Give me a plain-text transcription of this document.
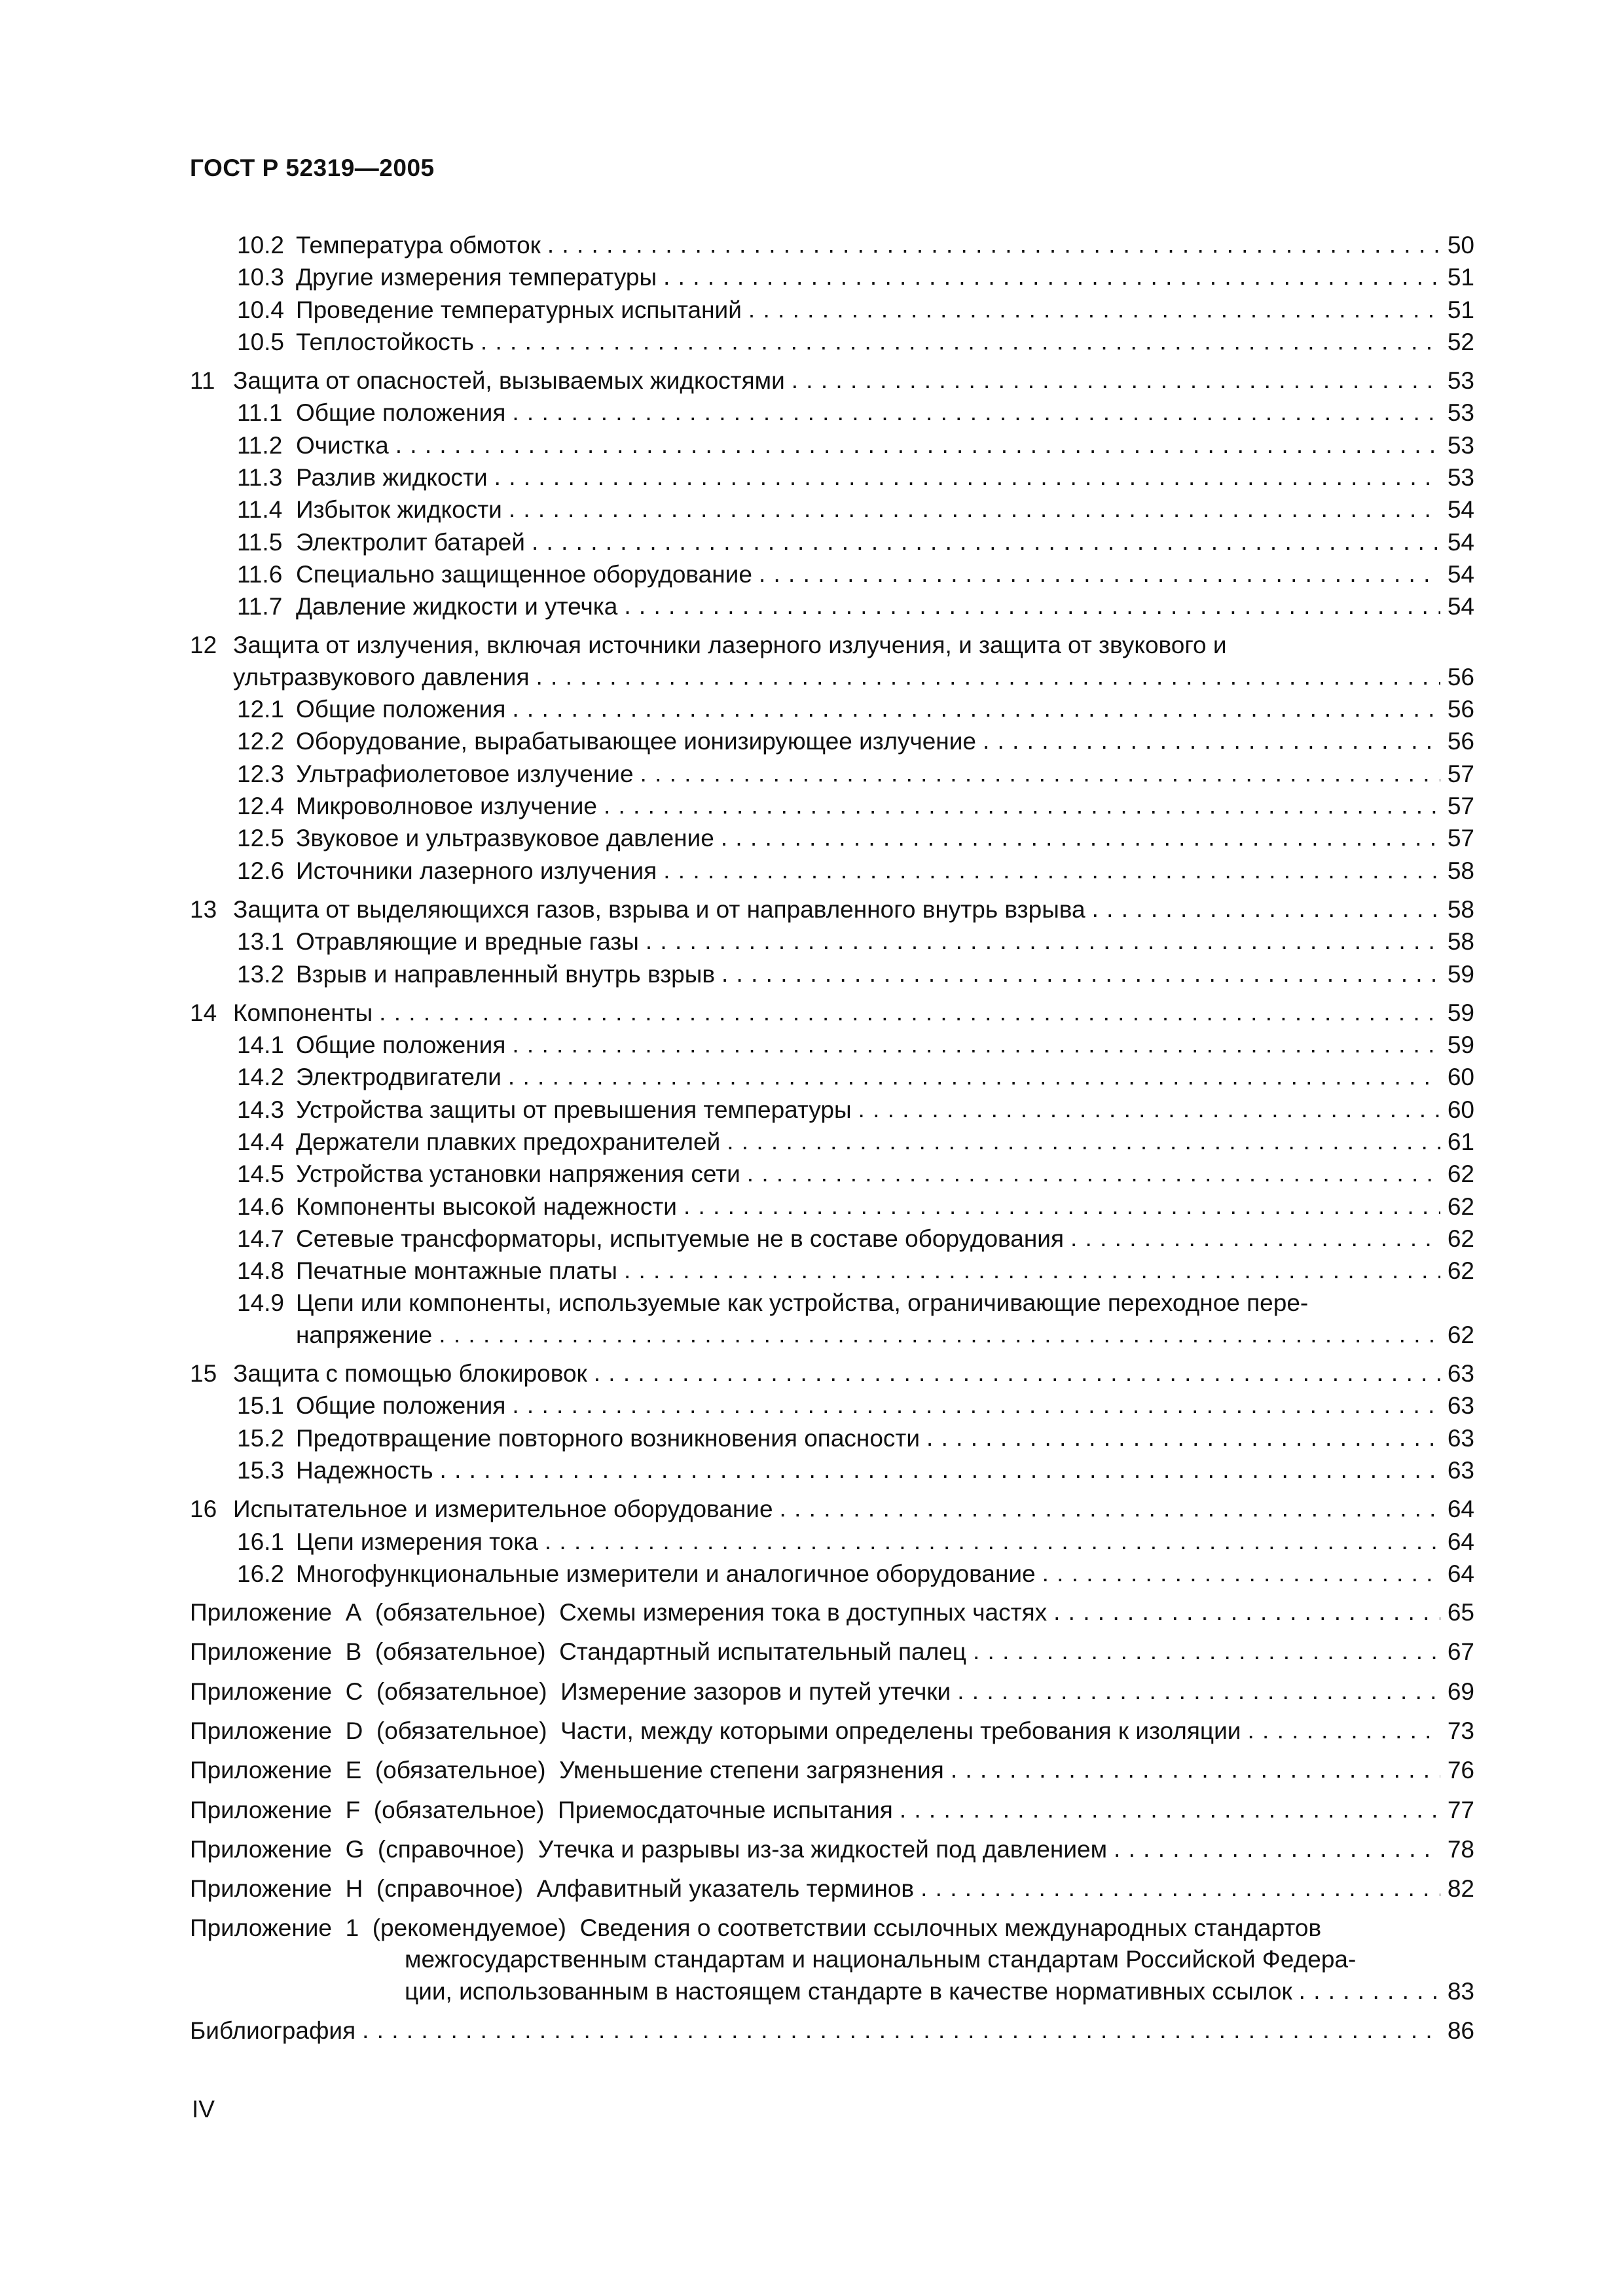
ГОСТ Р 52319—2005
10.2 Температура обмоток . . .	50
10.3 Другие измерения температуры . . .	51
10.4 Проведение температурных испытаний . . .	51
10.5 Теплостойкость . . .	52
11 Защита от опасностей, вызываемых жидкостями . . .	53
11.1 Общие положения . . .	53
11.2 Очистка . . .	53
11.3 Разлив жидкости . . .	53
11.4 Избыток жидкости . . .	54
11.5 Электролит батарей . . .	54
11.6 Специально защищенное оборудование . . .	54
11.7 Давление жидкости и утечка . . .	54
12 Защита от излучения, включая источники лазерного излучения, и защита от звукового и
ультразвукового давления . . .	56
12.1 Общие положения . . .	56
12.2 Оборудование, вырабатывающее ионизирующее излучение . . .	56
12.3 Ультрафиолетовое излучение . . .	57
12.4 Микроволновое излучение . . .	57
12.5 Звуковое и ультразвуковое давление . . .	57
12.6 Источники лазерного излучения . . .	58
13 Защита от выделяющихся газов, взрыва и от направленного внутрь взрыва . . .	58
13.1 Отравляющие и вредные газы . . .	58
13.2 Взрыв и направленный внутрь взрыв . . .	59
14 Компоненты . . .	59
14.1 Общие положения . . .	59
14.2 Электродвигатели . . .	60
14.3 Устройства защиты от превышения температуры . . .	60
14.4 Держатели плавких предохранителей . . .	61
14.5 Устройства установки напряжения сети . . .	62
14.6 Компоненты высокой надежности . . .	62
14.7 Сетевые трансформаторы, испытуемые не в составе оборудования . . .	62
14.8 Печатные монтажные платы . . .	62
14.9 Цепи или компоненты, используемые как устройства, ограничивающие переходное пере-
напряжение . . .	62
15 Защита с помощью блокировок . . .	63
15.1 Общие положения . . .	63
15.2 Предотвращение повторного возникновения опасности . . .	63
15.3 Надежность . . .	63
16 Испытательное и измерительное оборудование . . .	64
16.1 Цепи измерения тока . . .	64
16.2 Многофункциональные измерители и аналогичное оборудование . . .	64
Приложение
А
(обязательное)
Схемы измерения тока в доступных частях . . .	65
Приложение
В
(обязательное)
Стандартный испытательный палец . . .	67
Приложение
С
(обязательное)
Измерение зазоров и путей утечки . . .	69
Приложение
D
(обязательное)
Части, между которыми определены требования к изоляции . . .	73
Приложение
Е
(обязательное)
Уменьшение степени загрязнения . . .	76
Приложение
F
(обязательное)
Приемосдаточные испытания . . .	77
Приложение
G
(справочное)
Утечка и разрывы из-за жидкостей под давлением . . .	78
Приложение
Н
(справочное)
Алфавитный указатель терминов . . .	82
Приложение
1
(рекомендуемое)
Сведения о соответствии ссылочных международных стандартов
межгосударственным стандартам и национальным стандартам Российской Федера-
ции, использованным в настоящем стандарте в качестве нормативных ссылок . . .	83
Библиография . . .	86
IV
